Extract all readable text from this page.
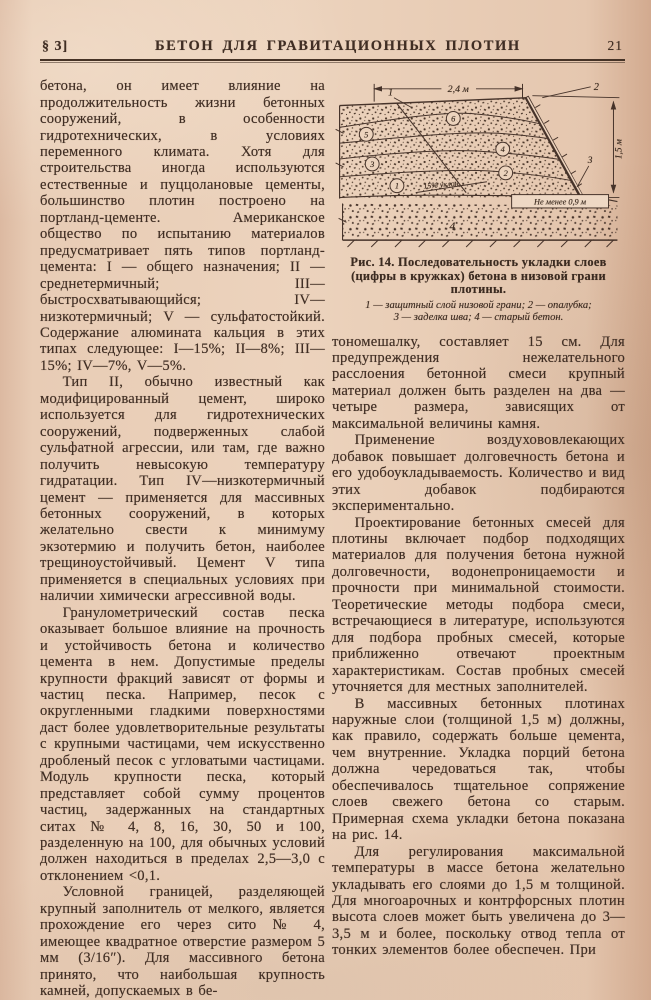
§ 3]	БЕТОН ДЛЯ ГРАВИТАЦИОННЫХ ПЛОТИН	21

бетона, он имеет влияние на продолжительность жизни бетонных сооружений, в особенности гидротехнических, в условиях переменного климата. Хотя для строительства иногда используются естественные и пуццолановые цементы, большинство плотин построено на портланд-цементе. Американское общество по испытанию материалов предусматривает пять типов портланд-цемента: I — общего назначения; II — среднетермичный; III— быстросхватывающийся; IV—низкотермичный; V — сульфатостойкий. Содержание алюмината кальция в этих типах следующее: I—15%; II—8%; III—15%; IV—7%, V—5%.

Тип II, обычно известный как модифицированный цемент, широко используется для гидротехнических сооружений, подверженных слабой сульфатной агрессии, или там, где важно получить невысокую температуру гидратации. Тип IV—низкотермичный цемент — применяется для массивных бетонных сооружений, в которых желательно свести к минимуму экзотермию и получить бетон, наиболее трещиноустойчивый. Цемент V типа применяется в специальных условиях при наличии химически агрессивной воды.

Гранулометрический состав песка оказывает большое влияние на прочность и устойчивость бетона и количество цемента в нем. Допустимые пределы крупности фракций зависят от формы и частиц песка. Например, песок с округленными гладкими поверхностями даст более удовлетворительные результаты с крупными частицами, чем искусственно дробленый песок с угловатыми частицами. Модуль крупности песка, который представляет собой сумму процентов частиц, задержанных на стандартных ситах № 4, 8, 16, 30, 50 и 100, разделенную на 100, для обычных условий должен находиться в пределах 2,5—3,0 с отклонением <0,1.

Условной границей, разделяющей крупный заполнитель от мелкого, является прохождение его через сито № 4, имеющее квадратное отверстие размером 5 мм (3/16″). Для массивного бетона принято, что наибольшая крупность камней, допускаемых в бе-

2,4 м
1,5 м
1
2
3
4
15% уклон
Не менее 0,9 м
6
5
4
3
2
1
Рис. 14. Последовательность укладки слоев (цифры в кружках) бетона в низовой грани плотины.
1 — защитный слой низовой грани; 2 — опалубка;
3 — заделка шва; 4 — старый бетон.

тономешалку, составляет 15 см. Для предупреждения нежелательного расслоения бетонной смеси крупный материал должен быть разделен на два — четыре размера, зависящих от максимальной величины камня.

Применение воздухововлекающих добавок повышает долговечность бетона и его удобоукладываемость. Количество и вид этих добавок подбираются экспериментально.

Проектирование бетонных смесей для плотины включает подбор подходящих материалов для получения бетона нужной долговечности, водонепроницаемости и прочности при минимальной стоимости. Теоретические методы подбора смеси, встречающиеся в литературе, используются для подбора пробных смесей, которые приближенно отвечают проектным характеристикам. Состав пробных смесей уточняется для местных заполнителей.

В массивных бетонных плотинах наружные слои (толщиной 1,5 м) должны, как правило, содержать больше цемента, чем внутренние. Укладка порций бетона должна чередоваться так, чтобы обеспечивалось тщательное сопряжение слоев свежего бетона со старым. Примерная схема укладки бетона показана на рис. 14.

Для регулирования максимальной температуры в массе бетона желательно укладывать его слоями до 1,5 м толщиной. Для многоарочных и контрфорсных плотин высота слоев может быть увеличена до 3—3,5 м и более, поскольку отвод тепла от тонких элементов более обеспечен. При
